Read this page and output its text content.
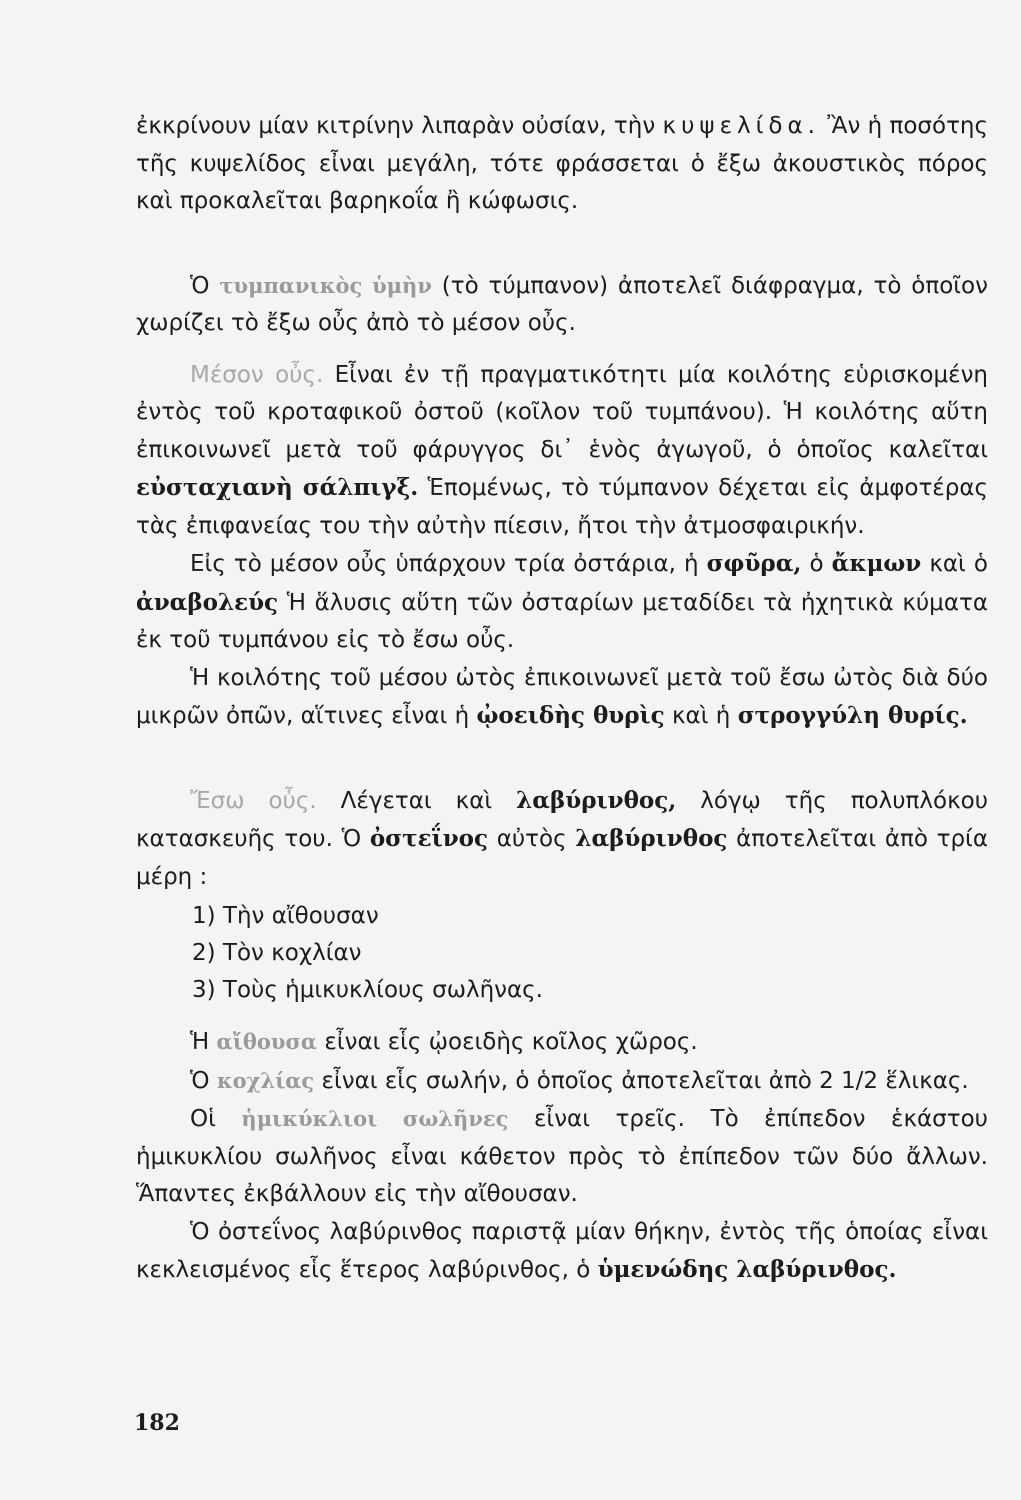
ἐκκρίνουν μίαν κιτρίνην λιπαρὰν οὐσίαν, τὴν κυψελίδα. Ἂν ἡ ποσότης τῆς κυψελίδος εἶναι μεγάλη, τότε φράσσεται ὁ ἔξω ἀκουστικὸς πόρος καὶ προκαλεῖται βαρηκοΐα ἢ κώφωσις.

Ὁ τυμπανικὸς ὑμὴν (τὸ τύμπανον) ἀποτελεῖ διάφραγμα, τὸ ὁποῖον χωρίζει τὸ ἔξω οὖς ἀπὸ τὸ μέσον οὖς.

Μέσον οὖς. Εἶναι ἐν τῇ πραγματικότητι μία κοιλότης εὑρισκομένη ἐντὸς τοῦ κροταφικοῦ ὀστοῦ (κοῖλον τοῦ τυμπάνου). Ἡ κοιλότης αὕτη ἐπικοινωνεῖ μετὰ τοῦ φάρυγγος δι᾽ ἑνὸς ἀγωγοῦ, ὁ ὁποῖος καλεῖται εὐσταχιανὴ σάλπιγξ. Ἑπομένως, τὸ τύμπανον δέχεται εἰς ἀμφοτέρας τὰς ἐπιφανείας του τὴν αὐτὴν πίεσιν, ἤτοι τὴν ἀτμοσφαιρικήν.

Εἰς τὸ μέσον οὖς ὑπάρχουν τρία ὀστάρια, ἡ σφῦρα, ὁ ἄκμων καὶ ὁ ἀναβολεύς Ἡ ἅλυσις αὕτη τῶν ὀσταρίων μεταδίδει τὰ ἠχητικὰ κύματα ἐκ τοῦ τυμπάνου εἰς τὸ ἔσω οὖς.

Ἡ κοιλότης τοῦ μέσου ὠτὸς ἐπικοινωνεῖ μετὰ τοῦ ἔσω ὠτὸς διὰ δύο μικρῶν ὀπῶν, αἵτινες εἶναι ἡ ᾠοειδὴς θυρὶς καὶ ἡ στρογγύλη θυρίς.

Ἔσω οὖς. Λέγεται καὶ λαβύρινθος, λόγῳ τῆς πολυπλόκου κατασκευῆς του. Ὁ ὀστεΐνος αὐτὸς λαβύρινθος ἀποτελεῖται ἀπὸ τρία μέρη :

1) Τὴν αἴθουσαν
2) Τὸν κοχλίαν
3) Τοὺς ἡμικυκλίους σωλῆνας.

Ἡ αἴθουσα εἶναι εἷς ᾠοειδὴς κοῖλος χῶρος.

Ὁ κοχλίας εἶναι εἷς σωλήν, ὁ ὁποῖος ἀποτελεῖται ἀπὸ 2 1/2 ἕλικας.

Οἱ ἡμικύκλιοι σωλῆνες εἶναι τρεῖς. Τὸ ἐπίπεδον ἑκάστου ἡμικυκλίου σωλῆνος εἶναι κάθετον πρὸς τὸ ἐπίπεδον τῶν δύο ἄλλων. Ἅπαντες ἐκβάλλουν εἰς τὴν αἴθουσαν.

Ὁ ὀστεΐνος λαβύρινθος παριστᾷ μίαν θήκην, ἐντὸς τῆς ὁποίας εἶναι κεκλεισμένος εἷς ἕτερος λαβύρινθος, ὁ ὑμενώδης λαβύρινθος.

182
